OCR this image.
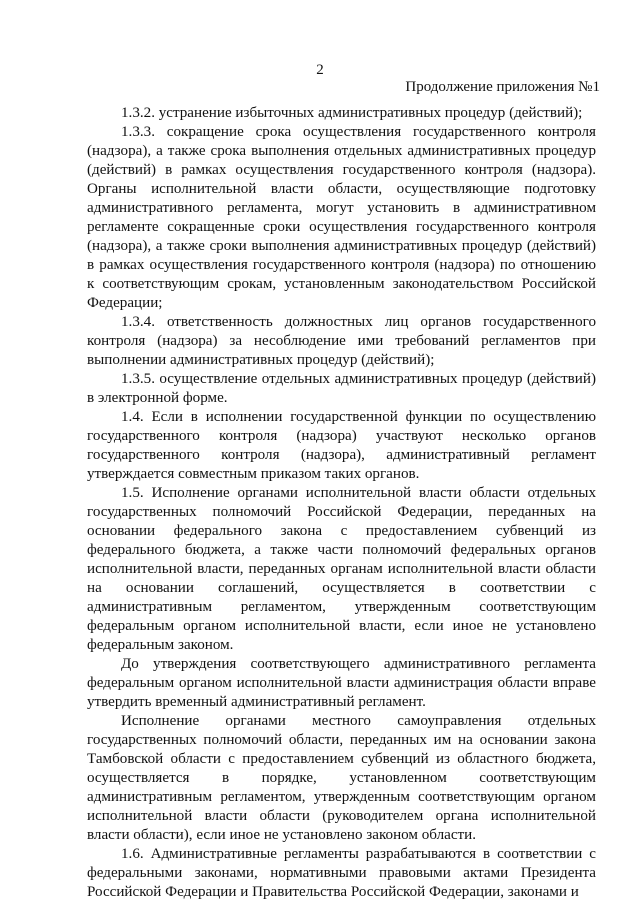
2
Продолжение приложения №1

1.3.2. устранение избыточных административных процедур (действий);

1.3.3. сокращение срока осуществления государственного контроля (надзора), а также срока выполнения отдельных административных процедур (действий) в рамках осуществления государственного контроля (надзора). Органы исполнительной власти области, осуществляющие подготовку административного регламента, могут установить в административном регламенте сокращенные сроки осуществления государственного контроля (надзора), а также сроки выполнения административных процедур (действий) в рамках осуществления государственного контроля (надзора) по отношению к соответствующим срокам, установленным законодательством Российской Федерации;

1.3.4. ответственность должностных лиц органов государственного контроля (надзора) за несоблюдение ими требований регламентов при выполнении административных процедур (действий);

1.3.5. осуществление отдельных административных процедур (действий) в электронной форме.

1.4. Если в исполнении государственной функции по осуществлению государственного контроля (надзора) участвуют несколько органов государственного контроля (надзора), административный регламент утверждается совместным приказом таких органов.

1.5. Исполнение органами исполнительной власти области отдельных государственных полномочий Российской Федерации, переданных на основании федерального закона с предоставлением субвенций из федерального бюджета, а также части полномочий федеральных органов исполнительной власти, переданных органам исполнительной власти области на основании соглашений, осуществляется в соответствии с административным регламентом, утвержденным соответствующим федеральным органом исполнительной власти, если иное не установлено федеральным законом.

До утверждения соответствующего административного регламента федеральным органом исполнительной власти администрация области вправе утвердить временный административный регламент.

Исполнение органами местного самоуправления отдельных государственных полномочий области, переданных им на основании закона Тамбовской области с предоставлением субвенций из областного бюджета, осуществляется в порядке, установленном соответствующим административным регламентом, утвержденным соответствующим органом исполнительной власти области (руководителем органа исполнительной власти области), если иное не установлено законом области.

1.6. Административные регламенты разрабатываются в соответствии с федеральными законами, нормативными правовыми актами Президента Российской Федерации и Правительства Российской Федерации, законами и
